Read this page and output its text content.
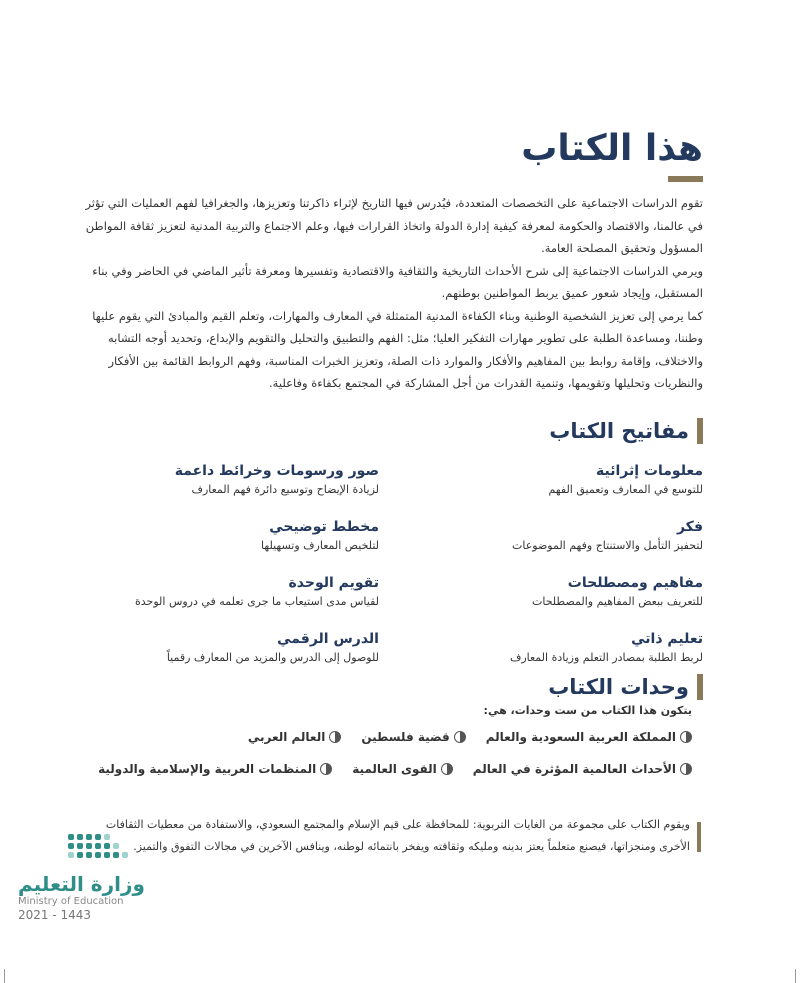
هذا الكتاب

تقوم الدراسات الاجتماعية على التخصصات المتعددة، فيُدرس فيها التاريخ لإثراء ذاكرتنا وتعزيزها، والجغرافيا لفهم العمليات التي تؤثر في عالمنا، والاقتصاد والحكومة لمعرفة كيفية إدارة الدولة واتخاذ القرارات فيها، وعلم الاجتماع والتربية المدنية لتعزيز ثقافة المواطن المسؤول وتحقيق المصلحة العامة.

ويرمي الدراسات الاجتماعية إلى شرح الأحداث التاريخية والثقافية والاقتصادية وتفسيرها ومعرفة تأثير الماضي في الحاضر وفي بناء المستقبل، وإيجاد شعور عميق يربط المواطنين بوطنهم.

كما يرمي إلى تعزيز الشخصية الوطنية وبناء الكفاءة المدنية المتمثلة في المعارف والمهارات، وتعلم القيم والمبادئ التي يقوم عليها وطننا، ومساعدة الطلبة على تطوير مهارات التفكير العليا؛ مثل: الفهم والتطبيق والتحليل والتقويم والإبداع، وتحديد أوجه التشابه والاختلاف، وإقامة روابط بين المفاهيم والأفكار والموارد ذات الصلة، وتعزيز الخبرات المناسبة، وفهم الروابط القائمة بين الأفكار والنظريات وتحليلها وتقويمها، وتنمية القدرات من أجل المشاركة في المجتمع بكفاءة وفاعلية.

مفاتيح الكتاب
معلومات إثرائية
للتوسع في المعارف وتعميق الفهم
فكر
لتحفيز التأمل والاستنتاج وفهم الموضوعات
مفاهيم ومصطلحات
للتعريف ببعض المفاهيم والمصطلحات
تعليم ذاتي
لربط الطلبة بمصادر التعلم وزيادة المعارف
صور ورسومات وخرائط داعمة
لزيادة الإيضاح وتوسيع دائرة فهم المعارف
مخطط توضيحي
لتلخيص المعارف وتسهيلها
تقويم الوحدة
لقياس مدى استيعاب ما جرى تعلمه في دروس الوحدة
الدرس الرقمي
للوصول إلى الدرس والمزيد من المعارف رقمياً
وحدات الكتاب
يتكون هذا الكتاب من ست وحدات، هي:
المملكة العربية السعودية والعالم
قضية فلسطين
العالم العربي
الأحداث العالمية المؤثرة في العالم
القوى العالمية
المنظمات العربية والإسلامية والدولية

ويقوم الكتاب على مجموعة من الغايات التربوية: للمحافظة على قيم الإسلام والمجتمع السعودي، والاستفادة من معطيات الثقافات الأخرى ومنجزاتها، فيصنع متعلماً يعتز بدينه ومليكه وثقافته ويفخر بانتمائه لوطنه، وينافس الآخرين في مجالات التفوق والتميز.

وزارة التعليم
Ministry of Education
2021 - 1443
